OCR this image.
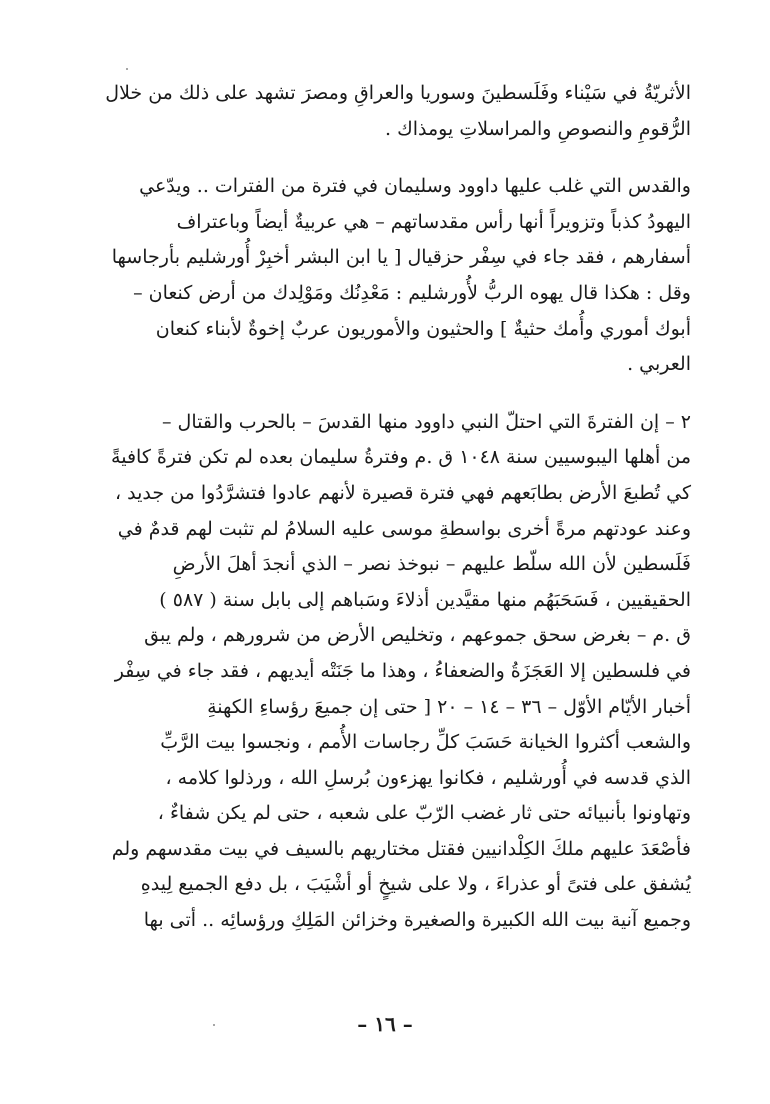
الأثريّةُ في سَيْناء وفَلَسطينَ وسوريا والعراقِ ومصرَ تشهد على ذلك من خلال
الرُّقومِ والنصوصِ والمراسلاتِ يومذاك .

والقدس التي غلب عليها داوود وسليمان في فترة من الفترات .. ويدّعي
اليهودُ كذباً وتزويراً أنها رأس مقدساتهم – هي عربيةٌ أيضاً وباعتراف
أسفارهم ، فقد جاء في سِفْر حزقيال [ يا ابن البشر أخبِرْ أُورشليم بأرجاسها
وقل : هكذا قال يهوه الربُّ لأُورشليم : مَعْدِنُك ومَوْلِدك من أرض كنعان –
أبوك أموري وأُمك حثيةٌ ] والحثيون والأموريون عربٌ إخوةٌ لأبناء كنعان
العربي .

٢ – إن الفترةَ التي احتلّ النبي داوود منها القدسَ – بالحرب والقتال –
من أهلها اليبوسيين سنة ١٠٤٨ ق .م وفترةُ سليمان بعده لم تكن فترةً كافيةً
كي تُطبعَ الأرض بطابَعهم فهي فترة قصيرة لأنهم عادوا فتشرَّدُوا من جديد ،
وعند عودتهم مرةً أخرى بواسطةِ موسى عليه السلامُ لم تثبت لهم قدمٌ في
فَلَسطين لأن الله سلّط عليهم – نبوخذ نصر – الذي أنجدَ أهلَ الأرضِ
الحقيقيين ، فَسَحَبَهُم منها مقيَّدين أذلاءَ وسَباهم إلى بابل سنة ( ٥٨٧ )
ق .م – بغرض سحق جموعهم ، وتخليص الأرض من شرورهم ، ولم يبق
في فلسطين إلا العَجَزَةُ والضعفاءُ ، وهذا ما جَنَتْه أيديهم ، فقد جاء في سِفْر
أخبار الأيّام الأوّل – ٣٦ – ١٤ – ٢٠ [ حتى إن جميعَ رؤساءِ الكهنةِ
والشعب أكثروا الخيانة حَسَبَ كلِّ رجاسات الأُمم ، ونجسوا بيت الرَّبِّ
الذي قدسه في أُورشليم ، فكانوا يهزءون بُرسلِ الله ، ورذلوا كلامه ،
وتهاونوا بأنبيائه حتى ثار غضب الرّبّ على شعبه ، حتى لم يكن شفاءٌ ،
فأصْعَدَ عليهم ملكَ الكِلْدانيين فقتل مختاريهم بالسيف في بيت مقدسهم ولم
يُشفق على فتىً أو عذراءَ ، ولا على شيخٍ أو أشْيَبَ ، بل دفع الجميع لِيدهِ
وجميع آنية بيت الله الكبيرة والصغيرة وخزائن المَلِكِ ورؤسائِه .. أتى بها

– ١٦ –
